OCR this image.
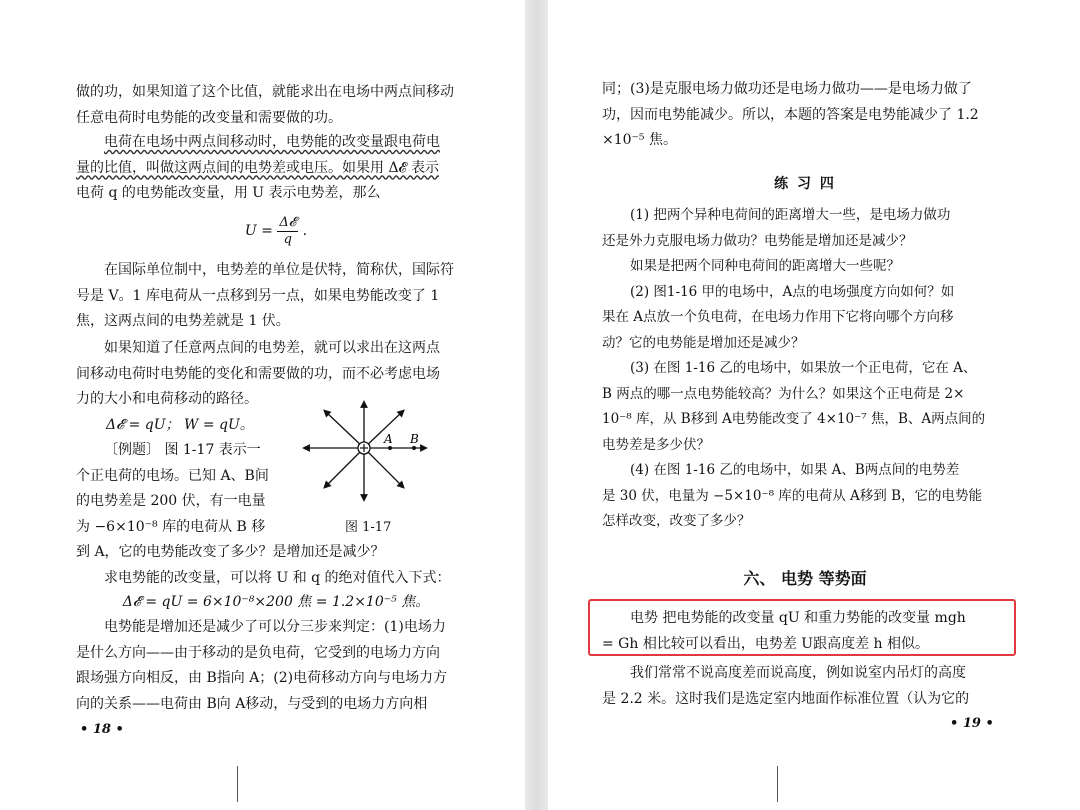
做的功，如果知道了这个比值，就能求出在电场中两点间移动
任意电荷时电势能的改变量和需要做的功。
电荷在电场中两点间移动时，电势能的改变量跟电荷电
量的比值，叫做这两点间的电势差或电压。如果用 Δ𝓔 表示
电荷 q 的电势能改变量，用 U 表示电势差，那么
$U = \frac{\text{Δ𝓔}}{q}$ .
在国际单位制中，电势差的单位是伏特，简称伏，国际符
号是 V。1 库电荷从一点移到另一点，如果电势能改变了 1
焦，这两点间的电势差就是 1 伏。
如果知道了任意两点间的电势差，就可以求出在这两点
间移动电荷时电势能的变化和需要做的功，而不必考虑电场
力的大小和电荷移动的路径。
Δ𝓔 = qU； W = qU。
〔例题〕 图 1-17 表示一
个正电荷的电场。已知 A、B间
的电势差是 200 伏，有一电量
为 −6×10⁻⁸ 库的电荷从 B 移
A B
图 1-17
到 A，它的电势能改变了多少？是增加还是减少？
求电势能的改变量，可以将 U 和 q 的绝对值代入下式：
Δ𝓔 = qU = 6×10⁻⁸×200 焦 = 1.2×10⁻⁵ 焦。
电势能是增加还是减少了可以分三步来判定：(1)电场力
是什么方向——由于移动的是负电荷，它受到的电场力方向
跟场强方向相反，由 B指向 A；(2)电荷移动方向与电场力方
向的关系——电荷由 B向 A移动，与受到的电场力方向相
• 18 •
同；(3)是克服电场力做功还是电场力做功——是电场力做了
功，因而电势能减少。所以，本题的答案是电势能减少了 1.2
×10⁻⁵ 焦。
练 习 四
(1) 把两个异种电荷间的距离增大一些，是电场力做功
还是外力克服电场力做功？电势能是增加还是减少？
如果是把两个同种电荷间的距离增大一些呢？
(2) 图1-16 甲的电场中，A点的电场强度方向如何？如
果在 A点放一个负电荷，在电场力作用下它将向哪个方向移
动？它的电势能是增加还是减少？
(3) 在图 1-16 乙的电场中，如果放一个正电荷，它在 A、
B 两点的哪一点电势能较高？为什么？如果这个正电荷是 2×
10⁻⁸ 库，从 B移到 A电势能改变了 4×10⁻⁷ 焦，B、A两点间的
电势差是多少伏？
(4) 在图 1-16 乙的电场中，如果 A、B两点间的电势差
是 30 伏，电量为 −5×10⁻⁸ 库的电荷从 A移到 B，它的电势能
怎样改变，改变了多少？
六、 电势 等势面
电势 把电势能的改变量 qU 和重力势能的改变量 mgh
= Gh 相比较可以看出，电势差 U跟高度差 h 相似。
我们常常不说高度差而说高度，例如说室内吊灯的高度
是 2.2 米。这时我们是选定室内地面作标准位置（认为它的
• 19 •
